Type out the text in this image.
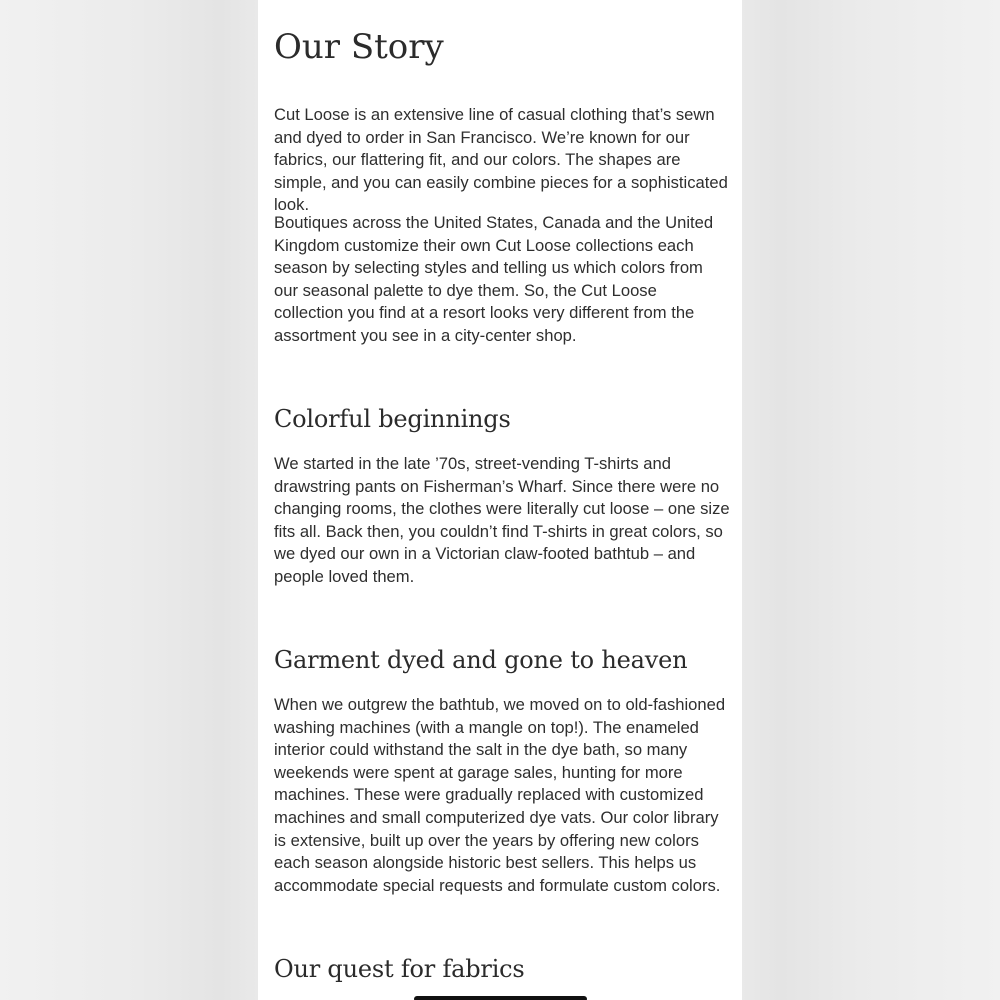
Our Story

Cut Loose is an extensive line of casual clothing that’s sewn and dyed to order in San Francisco. We’re known for our fabrics, our flattering fit, and our colors. The shapes are simple, and you can easily combine pieces for a sophisticated look.

Boutiques across the United States, Canada and the United Kingdom customize their own Cut Loose collections each season by selecting styles and telling us which colors from our seasonal palette to dye them. So, the Cut Loose collection you find at a resort looks very different from the assortment you see in a city-center shop.

Colorful beginnings

We started in the late ’70s, street-vending T-shirts and drawstring pants on Fisherman’s Wharf. Since there were no changing rooms, the clothes were literally cut loose – one size fits all. Back then, you couldn’t find T-shirts in great colors, so we dyed our own in a Victorian claw-footed bathtub – and people loved them.

Garment dyed and gone to heaven

When we outgrew the bathtub, we moved on to old-fashioned washing machines (with a mangle on top!). The enameled interior could withstand the salt in the dye bath, so many weekends were spent at garage sales, hunting for more machines. These were gradually replaced with customized machines and small computerized dye vats. Our color library is extensive, built up over the years by offering new colors each season alongside historic best sellers. This helps us accommodate special requests and formulate custom colors.

Our quest for fabrics
